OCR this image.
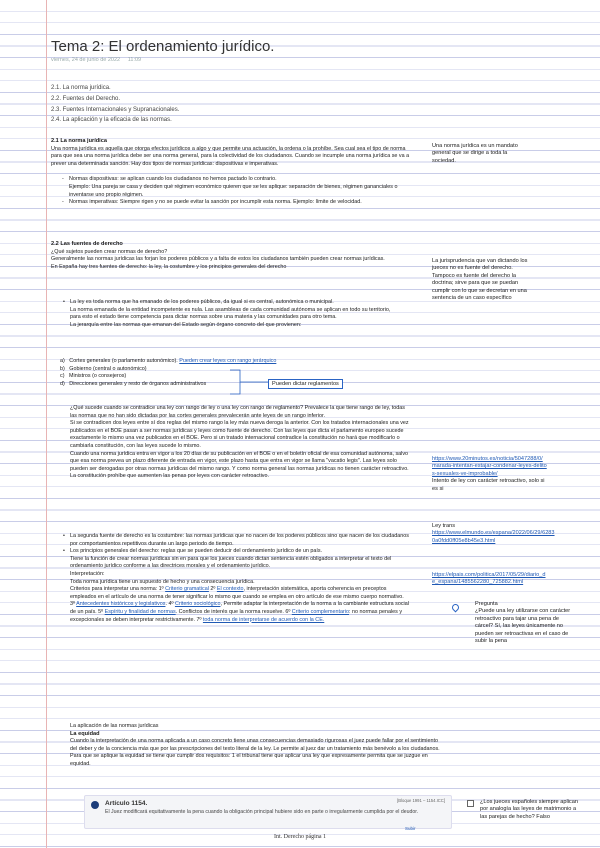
Tema 2: El ordenamiento jurídico.
viernes, 24 de junio de 2022 11:09
2.1. La norma jurídica.
2.2. Fuentes del Derecho.
2.3. Fuentes Internacionales y Supranacionales.
2.4. La aplicación y la eficacia de las normas.
2.1 La norma jurídica
Una norma jurídica es aquella que otorga efectos jurídicos a algo y que permite una actuación, la ordena o la prohíbe. Sea cual sea el tipo de norma para que sea una norma jurídica debe ser una norma general, para la colectividad de los ciudadanos. Cuando se incumple una norma jurídica se va a prever una determinada sanción. Hay dos tipos de normas jurídicas: dispositivas e imperativas.
- Normas dispositivas: se aplican cuando los ciudadanos no hemos pactado lo contrario.
Ejemplo: Una pareja se casa y deciden qué régimen económico quieren que se les aplique: separación de bienes, régimen gananciales o inventarse uno propio régimen.
- Normas imperativas: Siempre rigen y no se puede evitar la sanción por incumplir esta norma. Ejemplo: límite de velocidad.
Una norma jurídica es un mandato general que se dirige a toda la sociedad.
2.2 Las fuentes de derecho
¿Qué sujetos pueden crear normas de derecho?
Generalmente las normas jurídicas las forjan los poderes públicos y a falta de estos los ciudadanos también pueden crear normas jurídicas.
En España hay tres fuentes de derecho: la ley, la costumbre y los principios generales del derecho
• La ley es toda norma que ha emanado de los poderes públicos, da igual si es central, autonómica o municipal.
La norma emanada de la entidad incompetente es nula. Las asambleas de cada comunidad autónoma se aplican en todo su territorio, para esto el estado tiene competencia para dictar normas sobre una materia y las comunidades para otro tema.
La jerarquía entre las normas que emanan del Estado según órgano concreto del que provienen:
a) Cortes generales (o parlamento autonómico). Pueden crear leyes con rango jerárquico
b) Gobierno (central o autonómico)
c) Ministros (o consejeros)
d) Direcciones generales y resto de órganos administrativos	Pueden dictar reglamentos
¿Qué sucede cuando se contradice una ley con rango de ley o una ley con rango de reglamento? Prevalece la que tiene rango de ley, todas las normas que no han sido dictadas por las cortes generales prevalecerán ante leyes de un rango inferior.
Si se contradicen dos leyes entre sí dos reglas del mismo rango la ley más nueva deroga la anterior. Con los tratados internacionales una vez publicados en el BOE pasan a ser normas jurídicas y leyes como fuente de derecho. Con las leyes que dicta el parlamento europeo sucede exactamente lo mismo una vez publicados en el BOE. Pero si un tratado internacional contradice la constitución no hará que modificarlo o cambiarla constitución, con las leyes sucede lo mismo.
Cuando una norma jurídica entra en vigor a los 20 días de su publicación en el BOE o en el boletín oficial de esa comunidad autónoma, salvo que esa norma prevea un plazo diferente de entrada en vigor, este plazo hasta que entra en vigor se llama "vacatio legis". Las leyes solo pueden ser derogadas por otras normas jurídicas del mismo rango. Y como norma general las normas jurídicas no tienen carácter retroactivo. La constitución prohíbe que aumenten las penas por leyes con carácter retroactivo.
• La segunda fuente de derecho es la costumbre: las normas jurídicas que no nacen de los poderes públicos sino que nacen de los ciudadanos por comportamientos repetitivos durante un largo periodo de tiempo.
• Los principios generales del derecho: reglas que se pueden deducir del ordenamiento jurídico de un país.
Tiene la función de crear normas jurídicas sin en para que los jueces cuando dictan sentencia estén obligados a interpretar el texto del ordenamiento jurídico conforme a las directrices morales y el ordenamiento jurídico.
Interpretación:
Toda norma jurídica tiene un supuesto de hecho y una consecuencia jurídica.
Criterios para interpretar una norma: 1º Criterio gramatical 2º El contexto, interpretación sistemática, aporta coherencia en preceptos empleados en el artículo de una norma de tener significar lo mismo que cuando se emplea en otro artículo de ese mismo cuerpo normativo. 3º Antecedentes históricos y legislativos. 4º Criterio sociológico, Permite adaptar la interpretación de la norma a la cambiante estructura social de un país. 5º Espíritu y finalidad de normas. Conflictos de interés que la norma resuelve. 6º Criterio complementario: no normas penales y excepcionales se deben interpretar restrictivamente. 7º toda norma de interpretarse de acuerdo con la CE.
La jurisprudencia que van dictando los jueces no es fuente del derecho. Tampoco es fuente del derecho la doctrina; sirve para que se puedan cumplir con lo que se decretan en una sentencia de un caso específico
https://www.20minutos.es/noticia/5047288/0/marada-intentan-estajar-condenar-leyes-delitos-sexuales-ve-improbable/
Intento de ley con carácter retroactivo, solo si es si
Ley trans
https://www.elmundo.es/espana/2022/06/29/62830a0fdd0ff05e8b45e3.html
https://elpais.com/politica/2017/05/29/diario_de_espana/1485562280_725882.html
Pregunta
¿Puede una ley utilizarse con carácter retroactivo para tajar una pena de cárcel? Sí, las leyes únicamente no pueden ser retroactivas en el caso de subir la pena
La aplicación de las normas jurídicas
La equidad
Cuando la interpretación de una norma aplicada a un caso concreto tiene unas consecuencias demasiado rigurosas el juez puede fallar por el sentimiento del deber y de la conciencia más que por las prescripciones del texto literal de la ley. Le permite al juez dar un tratamiento más benévolo a los ciudadanos.
Para que se aplique la equidad se tiene que cumplir dos requisitos: 1 el tribunal tiene que aplicar una ley que expresamente permita que se juzgue en equidad.
Artículo 1154.	[Bloque 1991 – 1154.ICC]
El Juez modificará equitativamente la pena cuando la obligación principal hubiere sido en parte o irregularmente cumplida por el deudor.
Subir
¿Los jueces españoles siempre aplican por analogía las leyes de matrimonio a las parejas de hecho? Falso
Int. Derecho página 1
